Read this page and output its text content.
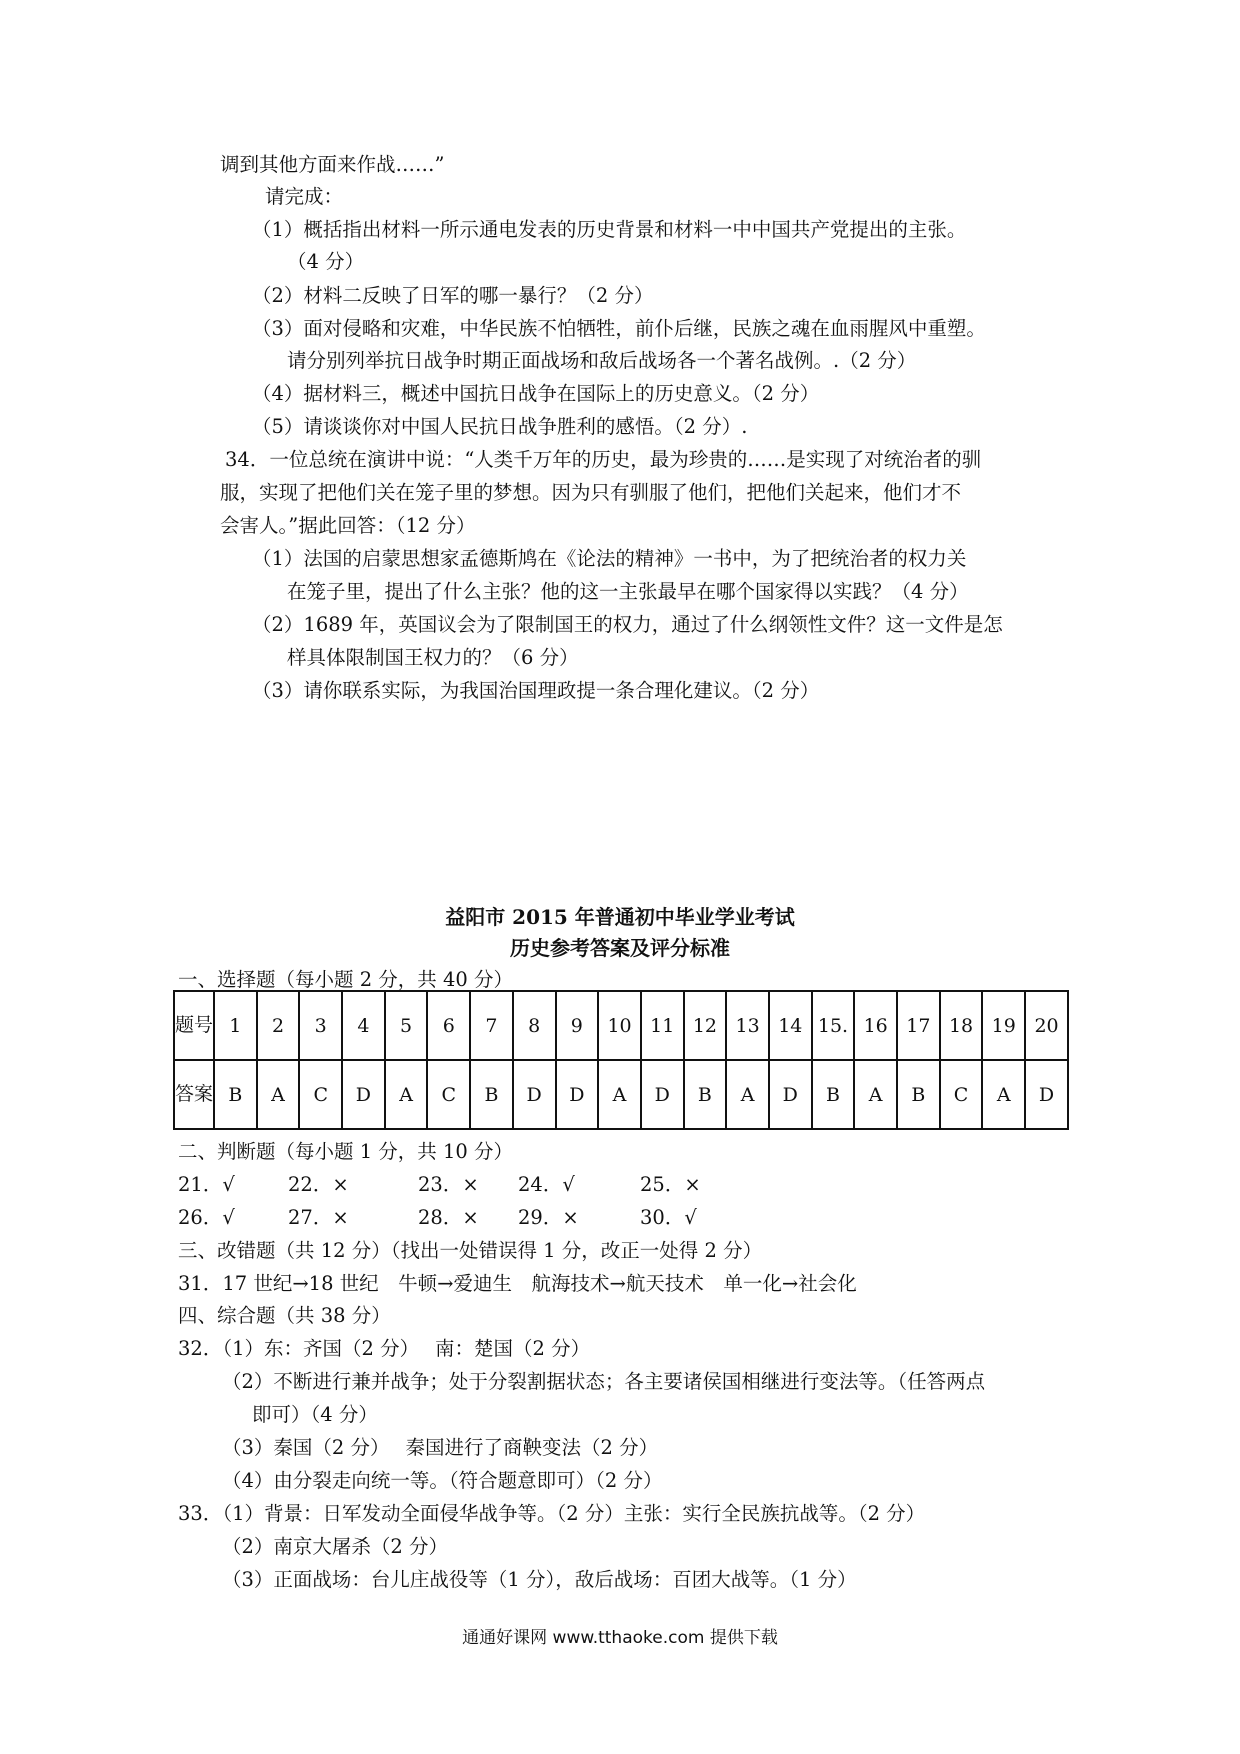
调到其他方面来作战……”
请完成：
（1）概括指出材料一所示通电发表的历史背景和材料一中中国共产党提出的主张。
（4 分）
（2）材料二反映了日军的哪一暴行？（2 分）
（3）面对侵略和灾难，中华民族不怕牺牲，前仆后继，民族之魂在血雨腥风中重塑。
请分别列举抗日战争时期正面战场和敌后战场各一个著名战例。.（2 分）
（4）据材料三，概述中国抗日战争在国际上的历史意义。（2 分）
（5）请谈谈你对中国人民抗日战争胜利的感悟。（2 分）.
34．一位总统在演讲中说：“人类千万年的历史，最为珍贵的……是实现了对统治者的驯
服，实现了把他们关在笼子里的梦想。因为只有驯服了他们，把他们关起来，他们才不
会害人。”据此回答：（12 分）
（1）法国的启蒙思想家孟德斯鸠在《论法的精神》一书中，为了把统治者的权力关
在笼子里，提出了什么主张？他的这一主张最早在哪个国家得以实践？（4 分）
（2）1689 年，英国议会为了限制国王的权力，通过了什么纲领性文件？这一文件是怎
样具体限制国王权力的？（6 分）
（3）请你联系实际，为我国治国理政提一条合理化建议。（2 分）
益阳市 2015 年普通初中毕业学业考试
历史参考答案及评分标准
一、选择题（每小题 2 分，共 40 分）
题号	1	2	3	4	5	6	7	8	9	10	11	12	13	14	15.	16	17	18	19	20
答案	B	A	C	D	A	C	B	D	D	A	D	B	A	D	B	A	B	C	A	D
二、判断题（每小题 1 分，共 10 分）
21．√	22．×	23．× 24．√	25．×
26．√	27．×	28．× 29．×	30．√
三、改错题（共 12 分）（找出一处错误得 1 分，改正一处得 2 分）
31．17 世纪→18 世纪　牛顿→爱迪生　航海技术→航天技术　单一化→社会化
四、综合题（共 38 分）
32．（1）东：齐国（2 分）　 南：楚国（2 分）
（2）不断进行兼并战争；处于分裂割据状态；各主要诸侯国相继进行变法等。（任答两点
即可）（4 分）
（3）秦国（2 分）　 秦国进行了商鞅变法（2 分）
（4）由分裂走向统一等。（符合题意即可）（2 分）
33．（1）背景：日军发动全面侵华战争等。（2 分）主张：实行全民族抗战等。（2 分）
（2）南京大屠杀（2 分）
（3）正面战场：台儿庄战役等（1 分），敌后战场：百团大战等。（1 分）
通通好课网 www.tthaoke.com 提供下载
